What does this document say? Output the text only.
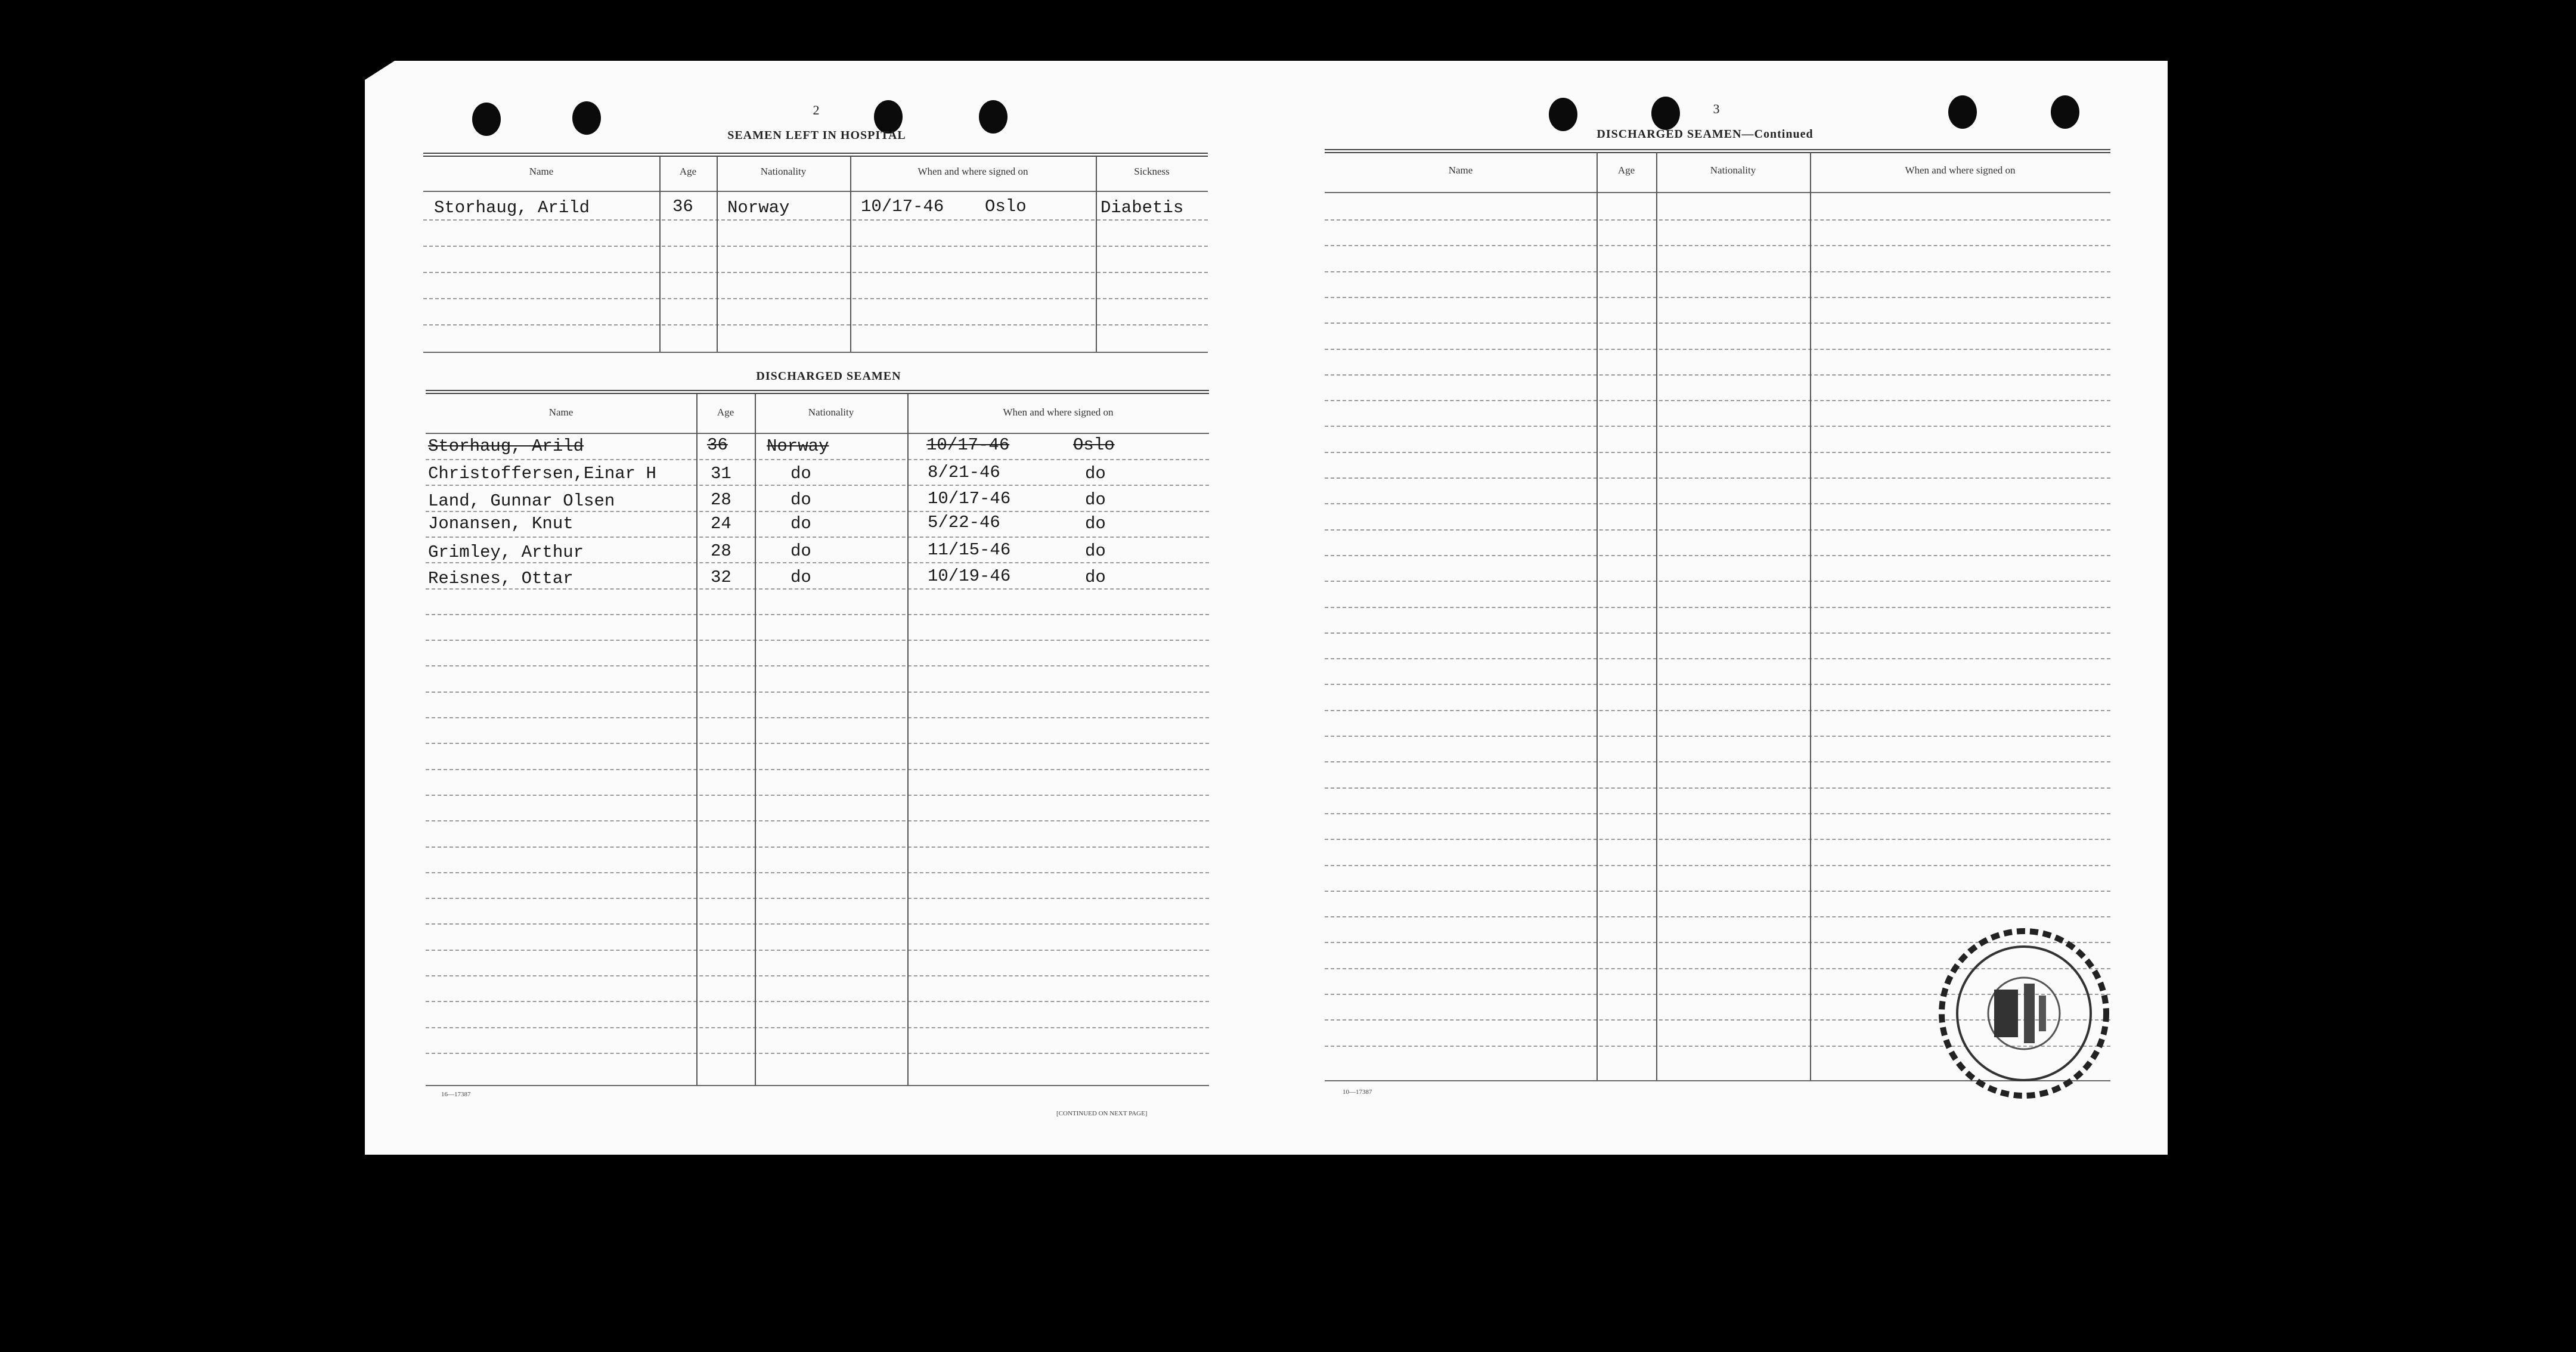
2
SEAMEN LEFT IN HOSPITAL
Name	Age	Nationality	When and where signed on	Sickness
Storhaug, Arild	36 Norway	10/17-46 Oslo	Diabetis
DISCHARGED SEAMEN
Name	Age	Nationality	When and where signed on
Storhaug, Arild	36 Norway	10/17-46	Oslo
Christoffersen,Einar H	31	do	8/21-46	do
Land, Gunnar Olsen	28	do	10/17-46	do
Jonansen, Knut	24	do	5/22-46	do
Grimley, Arthur	28	do	11/15-46	do
Reisnes, Ottar	32	do	10/19-46	do
16—17387
[CONTINUED ON NEXT PAGE]
3
DISCHARGED SEAMEN—Continued
Name	Age	Nationality	When and where signed on
10—17387
